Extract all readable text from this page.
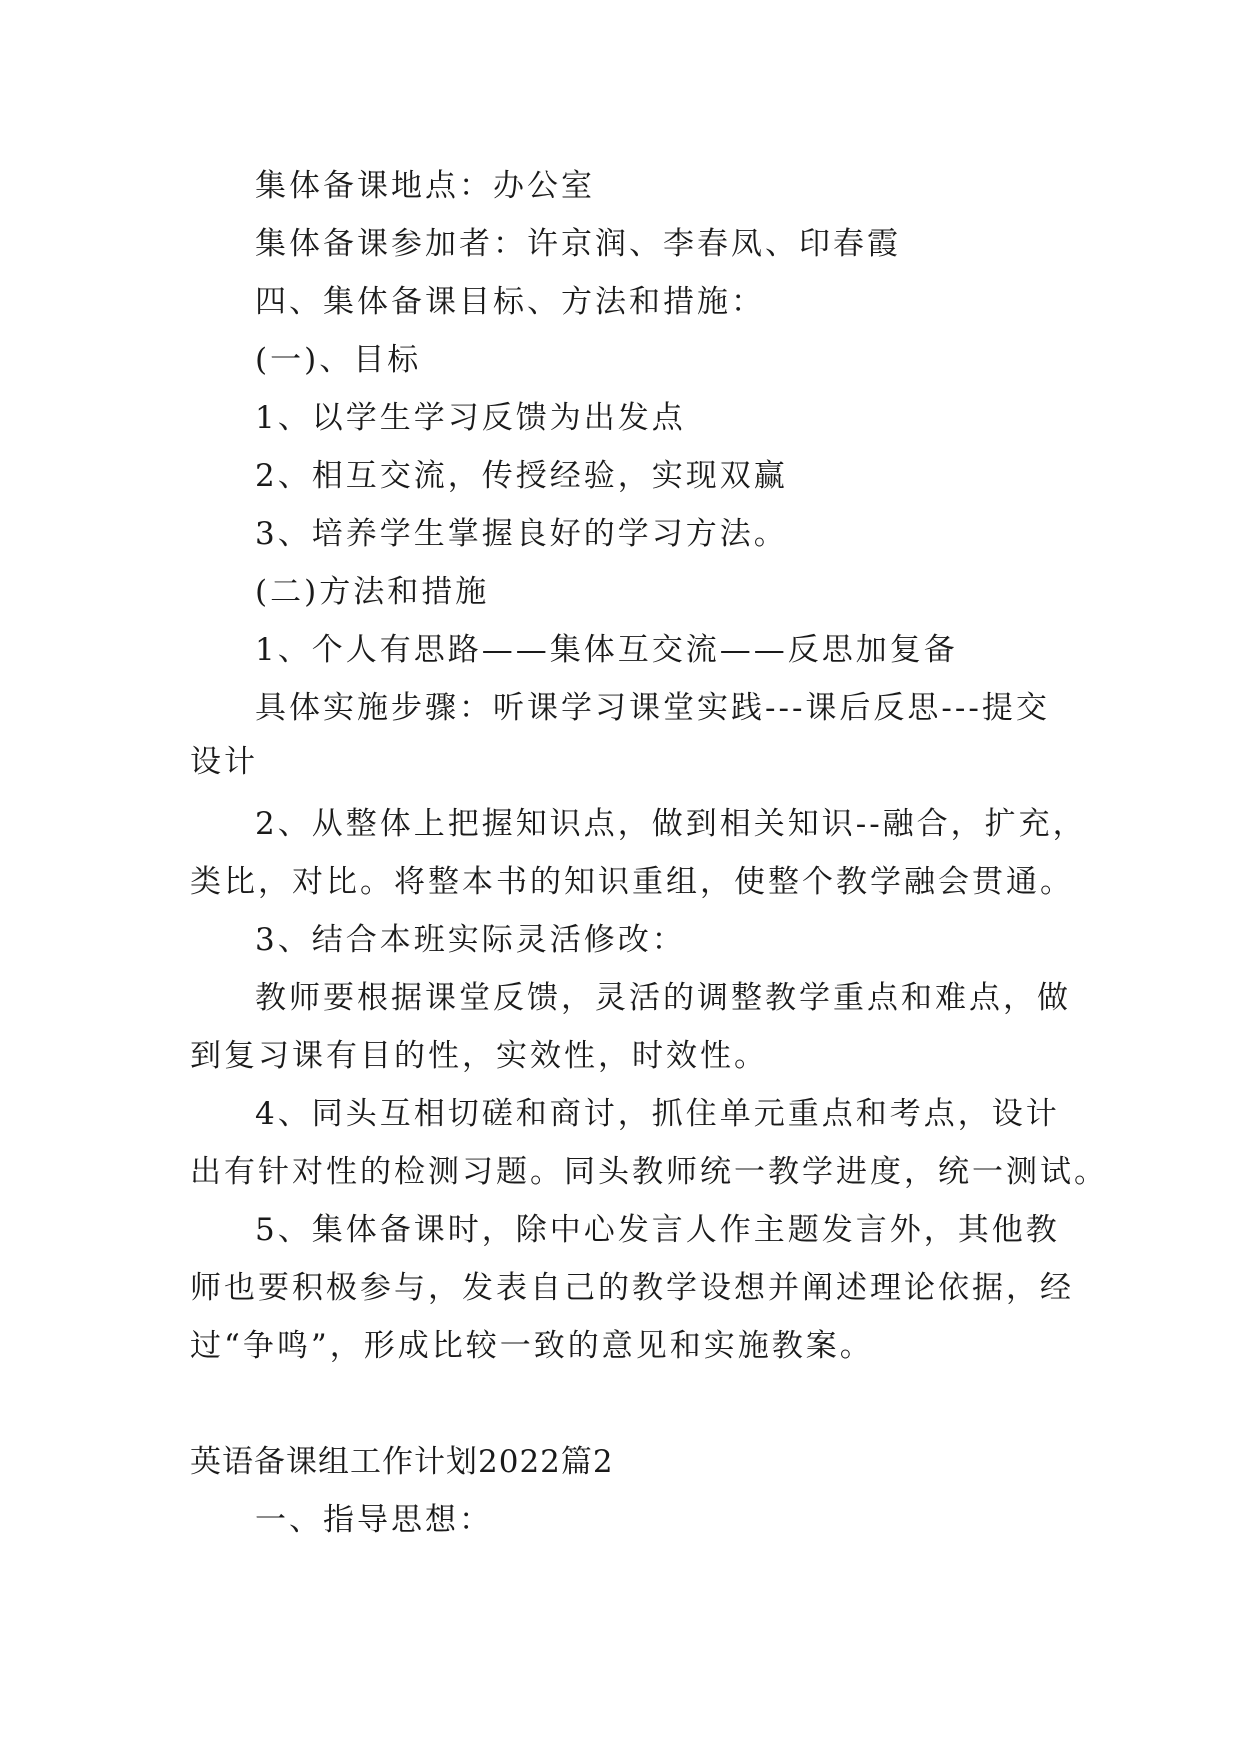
集体备课地点：办公室
集体备课参加者：许京润、李春凤、印春霞
四、集体备课目标、方法和措施：
(一)、目标
1、以学生学习反馈为出发点
2、相互交流，传授经验，实现双赢
3、培养学生掌握良好的学习方法。
(二)方法和措施
1、个人有思路——集体互交流——反思加复备
具体实施步骤：听课学习课堂实践---课后反思---提交
设计
2、从整体上把握知识点，做到相关知识--融合，扩充，
类比，对比。将整本书的知识重组，使整个教学融会贯通。
3、结合本班实际灵活修改：
教师要根据课堂反馈，灵活的调整教学重点和难点，做
到复习课有目的性，实效性，时效性。
4、同头互相切磋和商讨，抓住单元重点和考点，设计
出有针对性的检测习题。同头教师统一教学进度，统一测试。
5、集体备课时，除中心发言人作主题发言外，其他教
师也要积极参与，发表自己的教学设想并阐述理论依据，经
过“争鸣”，形成比较一致的意见和实施教案。
英语备课组工作计划2022篇2
一、指导思想：
